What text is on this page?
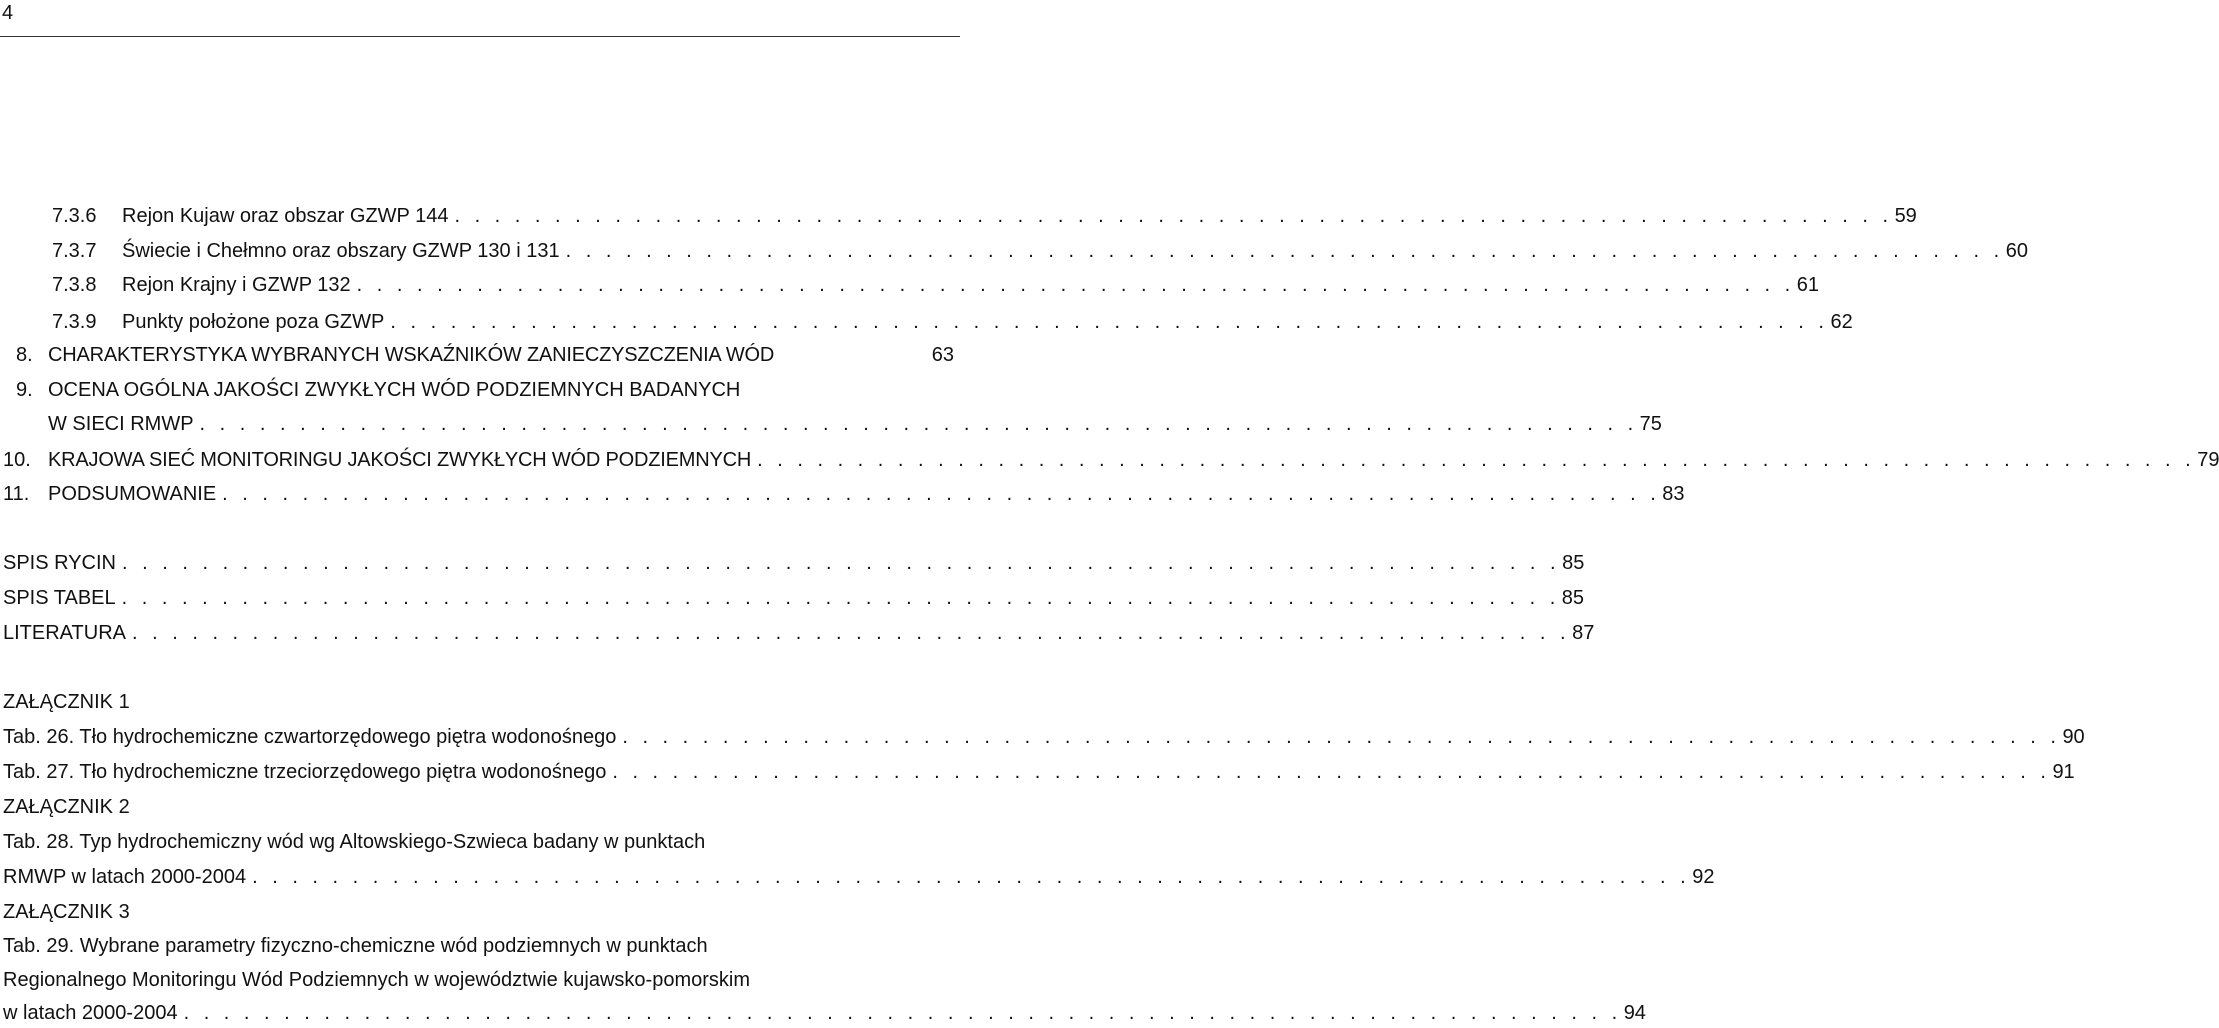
4
7.3.6	Rejon Kujaw oraz obszar GZWP 144 . . . . . . . . . . . . . . . . . . . . . . . . . . . . . . . . . . . . . . . . . . . . . . . . . . . . . . . . . . . . . . . . . . . . . . . . 59
7.3.7	Świecie i Chełmno oraz obszary GZWP 130 i 131 . . . . . . . . . . . . . . . . . . . . . . . . . . . . . . . . . . . . . . . . . . . . . . . . . . . . . . . . . . . . . . . . . . . . . . . . 60
7.3.8	Rejon Krajny i GZWP 132 . . . . . . . . . . . . . . . . . . . . . . . . . . . . . . . . . . . . . . . . . . . . . . . . . . . . . . . . . . . . . . . . . . . . . . . . 61
7.3.9	Punkty położone poza GZWP . . . . . . . . . . . . . . . . . . . . . . . . . . . . . . . . . . . . . . . . . . . . . . . . . . . . . . . . . . . . . . . . . . . . . . . . 62
8. CHARAKTERYSTYKA WYBRANYCH WSKAŹNIKÓW ZANIECZYSZCZENIA WÓD	63
9. OCENA OGÓLNA JAKOŚCI ZWYKŁYCH WÓD PODZIEMNYCH BADANYCH
W SIECI RMWP . . . . . . . . . . . . . . . . . . . . . . . . . . . . . . . . . . . . . . . . . . . . . . . . . . . . . . . . . . . . . . . . . . . . . . . . 75
10. KRAJOWA SIEĆ MONITORINGU JAKOŚCI ZWYKŁYCH WÓD PODZIEMNYCH . . . . . . . . . . . . . . . . . . . . . . . . . . . . . . . . . . . . . . . . . . . . . . . . . . . . . . . . . . . . . . . . . . . . . . . . 79
11. PODSUMOWANIE . . . . . . . . . . . . . . . . . . . . . . . . . . . . . . . . . . . . . . . . . . . . . . . . . . . . . . . . . . . . . . . . . . . . . . . . 83
SPIS RYCIN . . . . . . . . . . . . . . . . . . . . . . . . . . . . . . . . . . . . . . . . . . . . . . . . . . . . . . . . . . . . . . . . . . . . . . . . 85
SPIS TABEL . . . . . . . . . . . . . . . . . . . . . . . . . . . . . . . . . . . . . . . . . . . . . . . . . . . . . . . . . . . . . . . . . . . . . . . . 85
LITERATURA . . . . . . . . . . . . . . . . . . . . . . . . . . . . . . . . . . . . . . . . . . . . . . . . . . . . . . . . . . . . . . . . . . . . . . . . 87
ZAŁĄCZNIK 1
Tab. 26. Tło hydrochemiczne czwartorzędowego piętra wodonośnego . . . . . . . . . . . . . . . . . . . . . . . . . . . . . . . . . . . . . . . . . . . . . . . . . . . . . . . . . . . . . . . . . . . . . . . . 90
Tab. 27. Tło hydrochemiczne trzeciorzędowego piętra wodonośnego . . . . . . . . . . . . . . . . . . . . . . . . . . . . . . . . . . . . . . . . . . . . . . . . . . . . . . . . . . . . . . . . . . . . . . . . 91
ZAŁĄCZNIK 2
Tab. 28. Typ hydrochemiczny wód wg Altowskiego-Szwieca badany w punktach
RMWP w latach 2000-2004 . . . . . . . . . . . . . . . . . . . . . . . . . . . . . . . . . . . . . . . . . . . . . . . . . . . . . . . . . . . . . . . . . . . . . . . . 92
ZAŁĄCZNIK 3
Tab. 29. Wybrane parametry fizyczno-chemiczne wód podziemnych w punktach
Regionalnego Monitoringu Wód Podziemnych w województwie kujawsko-pomorskim
w latach 2000-2004 . . . . . . . . . . . . . . . . . . . . . . . . . . . . . . . . . . . . . . . . . . . . . . . . . . . . . . . . . . . . . . . . . . . . . . . . 94
